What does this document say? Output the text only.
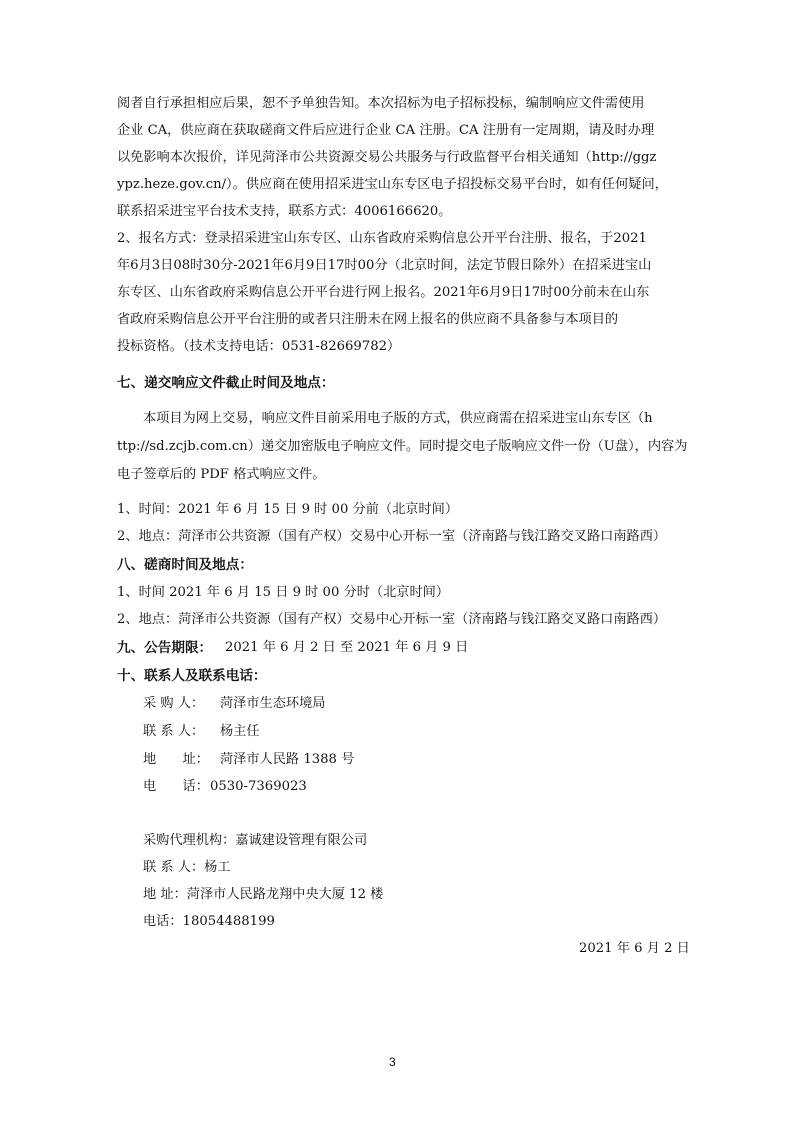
阅者自行承担相应后果，恕不予单独告知。本次招标为电子招标投标，编制响应文件需使用
企业 CA，供应商在获取磋商文件后应进行企业 CA 注册。CA 注册有一定周期，请及时办理
以免影响本次报价，详见菏泽市公共资源交易公共服务与行政监督平台相关通知（http://ggz
ypz.heze.gov.cn/）。供应商在使用招采进宝山东专区电子招投标交易平台时，如有任何疑问，
联系招采进宝平台技术支持，联系方式：4006166620。
2、报名方式：登录招采进宝山东专区、山东省政府采购信息公开平台注册、报名，于2021
年6月3日08时30分-2021年6月9日17时00分（北京时间，法定节假日除外）在招采进宝山
东专区、山东省政府采购信息公开平台进行网上报名。2021年6月9日17时00分前未在山东
省政府采购信息公开平台注册的或者只注册未在网上报名的供应商不具备参与本项目的
投标资格。（技术支持电话：0531-82669782）
七、递交响应文件截止时间及地点：
本项目为网上交易，响应文件目前采用电子版的方式，供应商需在招采进宝山东专区（h
ttp://sd.zcjb.com.cn）递交加密版电子响应文件。同时提交电子版响应文件一份（U盘），内容为
电子签章后的 PDF 格式响应文件。
1、时间：2021 年 6 月 15 日 9 时 00 分前（北京时间）
2、地点：菏泽市公共资源（国有产权）交易中心开标一室（济南路与钱江路交叉路口南路西）
八、磋商时间及地点：
1、时间 2021 年 6 月 15 日 9 时 00 分时（北京时间）
2、地点：菏泽市公共资源（国有产权）交易中心开标一室（济南路与钱江路交叉路口南路西）
九、公告期限： 2021 年 6 月 2 日 至 2021 年 6 月 9 日
十、联系人及联系电话：
采 购 人： 菏泽市生态环境局
联 系 人： 杨主任
地　　址： 菏泽市人民路 1388 号
电　　话： 0530-7369023
采购代理机构：嘉诚建设管理有限公司
联 系 人：杨工
地 址：菏泽市人民路龙翔中央大厦 12 楼
电话：18054488199
2021 年 6 月 2 日
3
